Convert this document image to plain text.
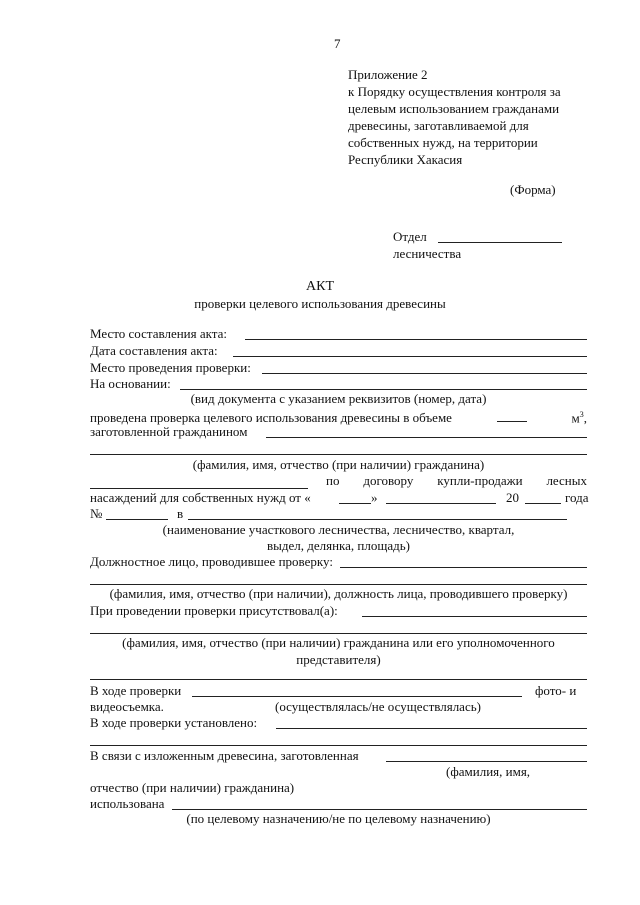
7
Приложение 2
к Порядку осуществления контроля за
целевым использованием гражданами
древесины, заготавливаемой для
собственных нужд, на территории
Республики Хакасия
(Форма)
Отдел
лесничества
АКТ
проверки целевого использования древесины
Место составления акта:
Дата составления акта:
Место проведения проверки:
На основании:
(вид документа с указанием реквизитов (номер, дата)
проведена проверка целевого использования древесины в объеме	$м^3$,
заготовленной гражданином
(фамилия, имя, отчество (при наличии) гражданина)
по договору купли-продажи лесных
насаждений для собственных нужд от «	»	20	года
№	в
(наименование участкового лесничества, лесничество, квартал,
выдел, делянка, площадь)
Должностное лицо, проводившее проверку:
(фамилия, имя, отчество (при наличии), должность лица, проводившего проверку)
При проведении проверки присутствовал(а):
(фамилия, имя, отчество (при наличии) гражданина или его уполномоченного
представителя)
В ходе проверки	фото- и
видеосъемка.	(осуществлялась/не осуществлялась)
В ходе проверки установлено:
В связи с изложенным древесина, заготовленная
(фамилия, имя,
отчество (при наличии) гражданина)
использована
(по целевому назначению/не по целевому назначению)
